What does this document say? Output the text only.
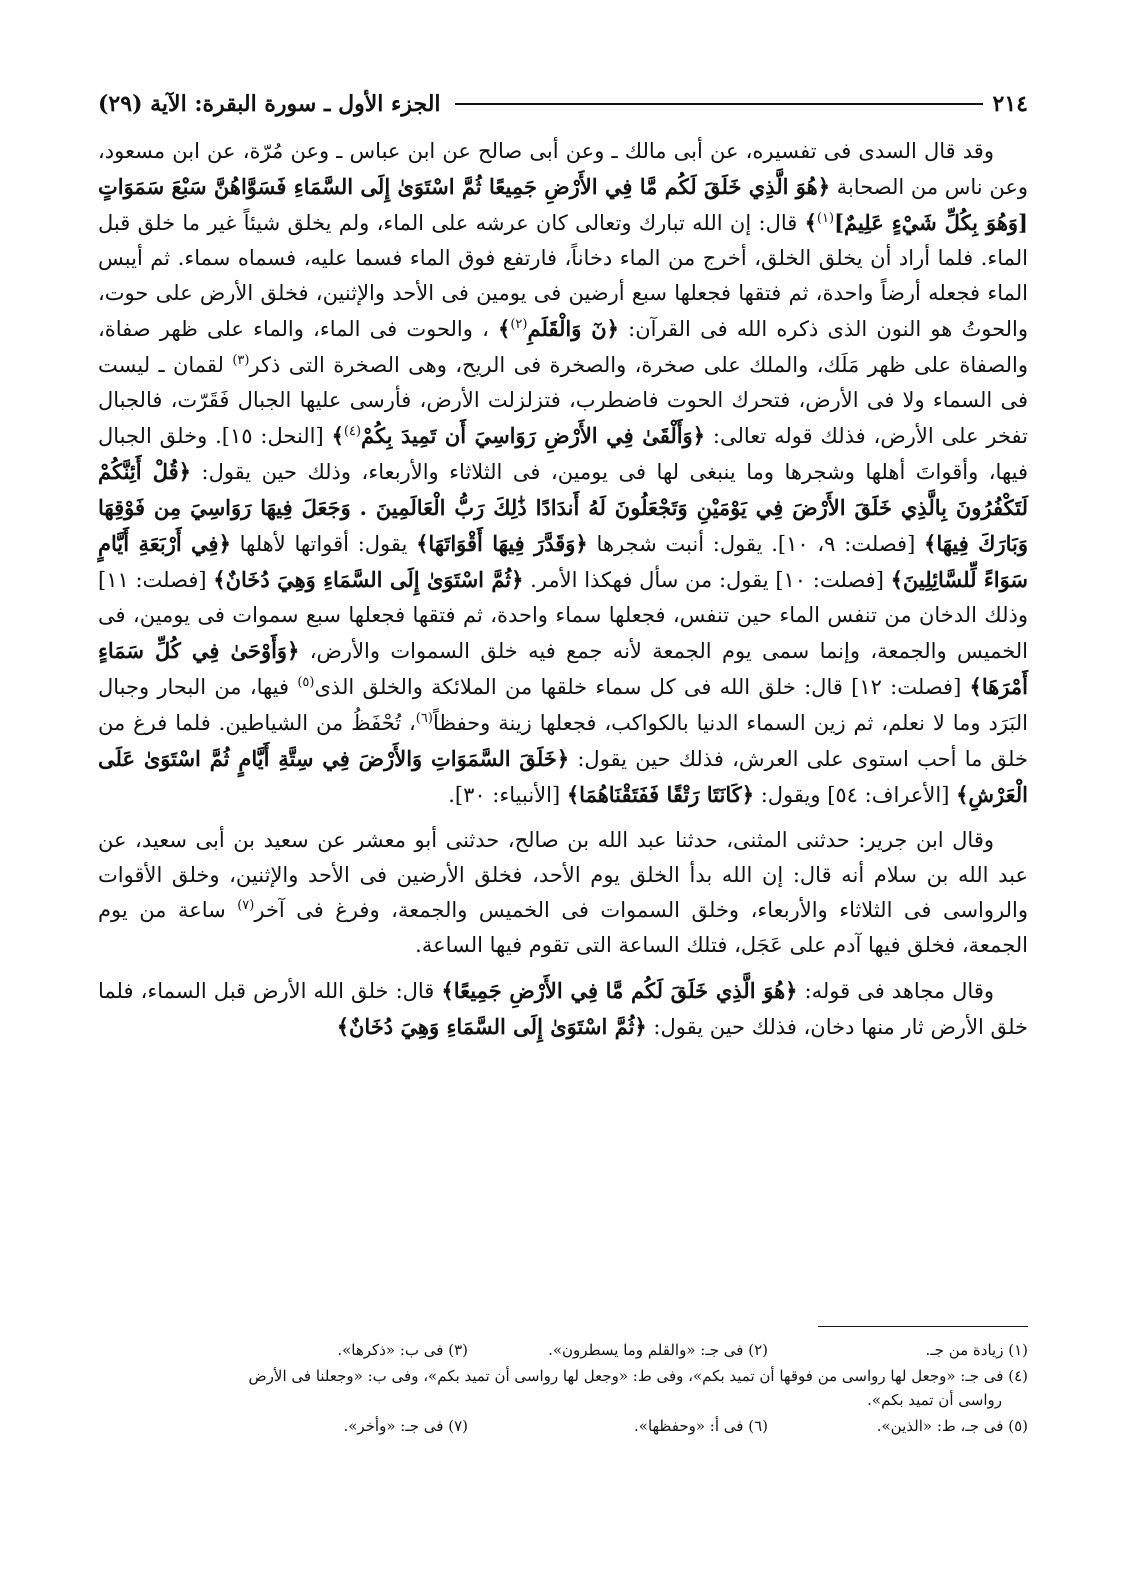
٢١٤
الجزء الأول ـ سورة البقرة: الآية (٢٩)

وقد قال السدى فى تفسيره، عن أبى مالك ـ وعن أبى صالح عن ابن عباس ـ وعن مُرّة، عن ابن مسعود، وعن ناس من الصحابة ﴿هُوَ الَّذِي خَلَقَ لَكُم مَّا فِي الأَرْضِ جَمِيعًا ثُمَّ اسْتَوَىٰ إِلَى السَّمَاءِ فَسَوَّاهُنَّ سَبْعَ سَمَوَاتٍ [وَهُوَ بِكُلِّ شَيْءٍ عَلِيمٌ]$^{(١)}$﴾ قال: إن الله تبارك وتعالى كان عرشه على الماء، ولم يخلق شيئاً غير ما خلق قبل الماء. فلما أراد أن يخلق الخلق، أخرج من الماء دخاناً، فارتفع فوق الماء فسما عليه، فسماه سماء. ثم أيبس الماء فجعله أرضاً واحدة، ثم فتقها فجعلها سبع أرضين فى يومين فى الأحد والإثنين، فخلق الأرض على حوت، والحوتُ هو النون الذى ذكره الله فى القرآن: ﴿نٓ وَالْقَلَمِ$^{(٢)}$﴾ ، والحوت فى الماء، والماء على ظهر صفاة، والصفاة على ظهر مَلَك، والملك على صخرة، والصخرة فى الريح، وهى الصخرة التى ذكر$^{(٣)}$ لقمان ـ ليست فى السماء ولا فى الأرض، فتحرك الحوت فاضطرب، فتزلزلت الأرض، فأرسى عليها الجبال فَقَرّت، فالجبال تفخر على الأرض، فذلك قوله تعالى: ﴿وَأَلْقَىٰ فِي الأَرْضِ رَوَاسِيَ أَن تَمِيدَ بِكُمْ$^{(٤)}$﴾ [النحل: ١٥]. وخلق الجبال فيها، وأقواتَ أهلها وشجرها وما ينبغى لها فى يومين، فى الثلاثاء والأربعاء، وذلك حين يقول: ﴿قُلْ أَئِنَّكُمْ لَتَكْفُرُونَ بِالَّذِي خَلَقَ الأَرْضَ فِي يَوْمَيْنِ وَتَجْعَلُونَ لَهُ أَندَادًا ذَٰلِكَ رَبُّ الْعَالَمِينَ . وَجَعَلَ فِيهَا رَوَاسِيَ مِن فَوْقِهَا وَبَارَكَ فِيهَا﴾ [فصلت: ٩، ١٠]. يقول: أنبت شجرها ﴿وَقَدَّرَ فِيهَا أَقْوَاتَهَا﴾ يقول: أقواتها لأهلها ﴿فِي أَرْبَعَةِ أَيَّامٍ سَوَاءً لِّلسَّائِلِينَ﴾ [فصلت: ١٠] يقول: من سأل فهكذا الأمر. ﴿ثُمَّ اسْتَوَىٰ إِلَى السَّمَاءِ وَهِيَ دُخَانٌ﴾ [فصلت: ١١] وذلك الدخان من تنفس الماء حين تنفس، فجعلها سماء واحدة، ثم فتقها فجعلها سبع سموات فى يومين، فى الخميس والجمعة، وإنما سمى يوم الجمعة لأنه جمع فيه خلق السموات والأرض، ﴿وَأَوْحَىٰ فِي كُلِّ سَمَاءٍ أَمْرَهَا﴾ [فصلت: ١٢] قال: خلق الله فى كل سماء خلقها من الملائكة والخلق الذى$^{(٥)}$ فيها، من البحار وجبال البَرَد وما لا نعلم، ثم زين السماء الدنيا بالكواكب، فجعلها زينة وحفظاً$^{(٦)}$، تُحْفَظُ من الشياطين. فلما فرغ من خلق ما أحب استوى على العرش، فذلك حين يقول: ﴿خَلَقَ السَّمَوَاتِ وَالأَرْضَ فِي سِتَّةِ أَيَّامٍ ثُمَّ اسْتَوَىٰ عَلَى الْعَرْشِ﴾ [الأعراف: ٥٤] ويقول: ﴿كَانَتَا رَتْقًا فَفَتَقْنَاهُمَا﴾ [الأنبياء: ٣٠].

وقال ابن جرير: حدثنى المثنى، حدثنا عبد الله بن صالح، حدثنى أبو معشر عن سعيد بن أبى سعيد، عن عبد الله بن سلام أنه قال: إن الله بدأ الخلق يوم الأحد، فخلق الأرضين فى الأحد والإثنين، وخلق الأقوات والرواسى فى الثلاثاء والأربعاء، وخلق السموات فى الخميس والجمعة، وفرغ فى آخر$^{(٧)}$ ساعة من يوم الجمعة، فخلق فيها آدم على عَجَل، فتلك الساعة التى تقوم فيها الساعة.

وقال مجاهد فى قوله: ﴿هُوَ الَّذِي خَلَقَ لَكُم مَّا فِي الأَرْضِ جَمِيعًا﴾ قال: خلق الله الأرض قبل السماء، فلما خلق الأرض ثار منها دخان، فذلك حين يقول: ﴿ثُمَّ اسْتَوَىٰ إِلَى السَّمَاءِ وَهِيَ دُخَانٌ﴾

(١) زيادة من جـ.
(٢) فى جـ: «والقلم وما يسطرون».
(٣) فى ب: «ذكرها».
(٤) فى جـ: «وجعل لها رواسى من فوقها أن تميد بكم»، وفى ط: «وجعل لها رواسى أن تميد بكم»، وفى ب: «وجعلنا فى الأرض
رواسى أن تميد بكم».
(٥) فى جـ، ط: «الذين».
(٦) فى أ: «وحفظها».
(٧) فى جـ: «وأخر».
